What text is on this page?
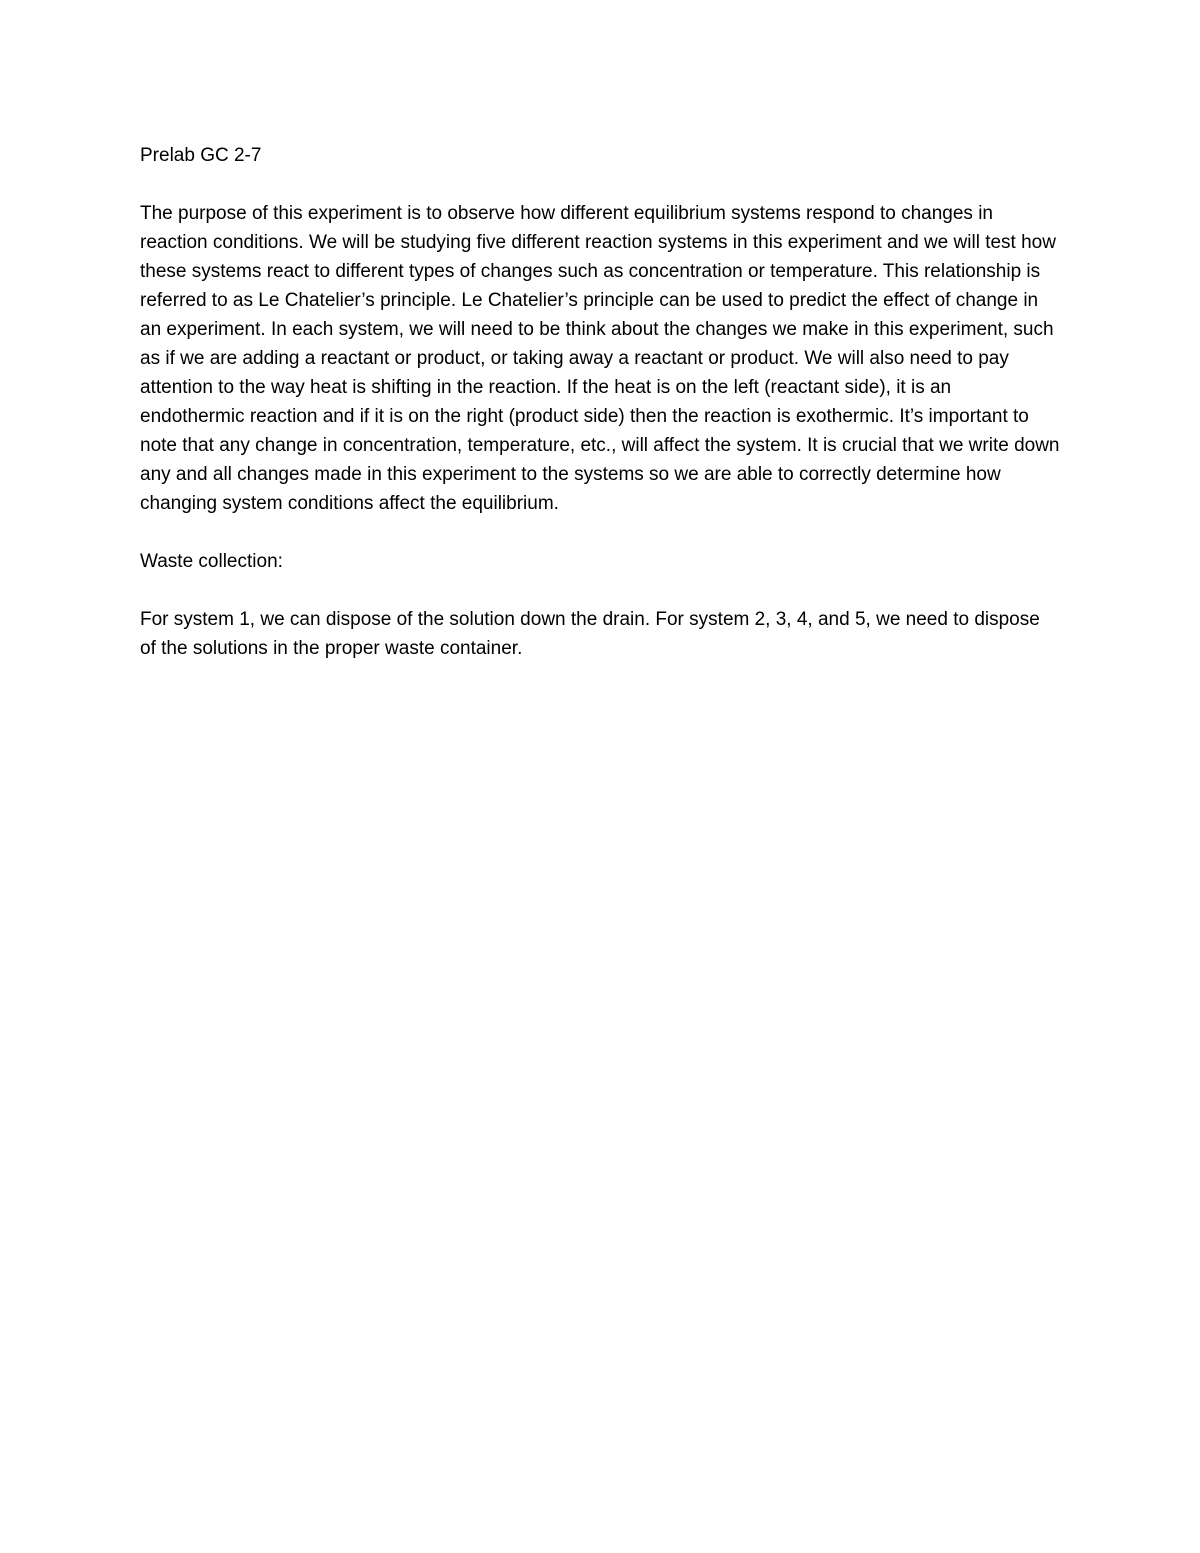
Prelab GC 2-7

The purpose of this experiment is to observe how different equilibrium systems respond to changes in reaction conditions. We will be studying five different reaction systems in this experiment and we will test how these systems react to different types of changes such as concentration or temperature. This relationship is referred to as Le Chatelier’s principle. Le Chatelier’s principle can be used to predict the effect of change in an experiment. In each system, we will need to be think about the changes we make in this experiment, such as if we are adding a reactant or product, or taking away a reactant or product. We will also need to pay attention to the way heat is shifting in the reaction. If the heat is on the left (reactant side), it is an endothermic reaction and if it is on the right (product side) then the reaction is exothermic. It’s important to note that any change in concentration, temperature, etc., will affect the system. It is crucial that we write down any and all changes made in this experiment to the systems so we are able to correctly determine how changing system conditions affect the equilibrium.

Waste collection:

For system 1, we can dispose of the solution down the drain. For system 2, 3, 4, and 5, we need to dispose of the solutions in the proper waste container.
